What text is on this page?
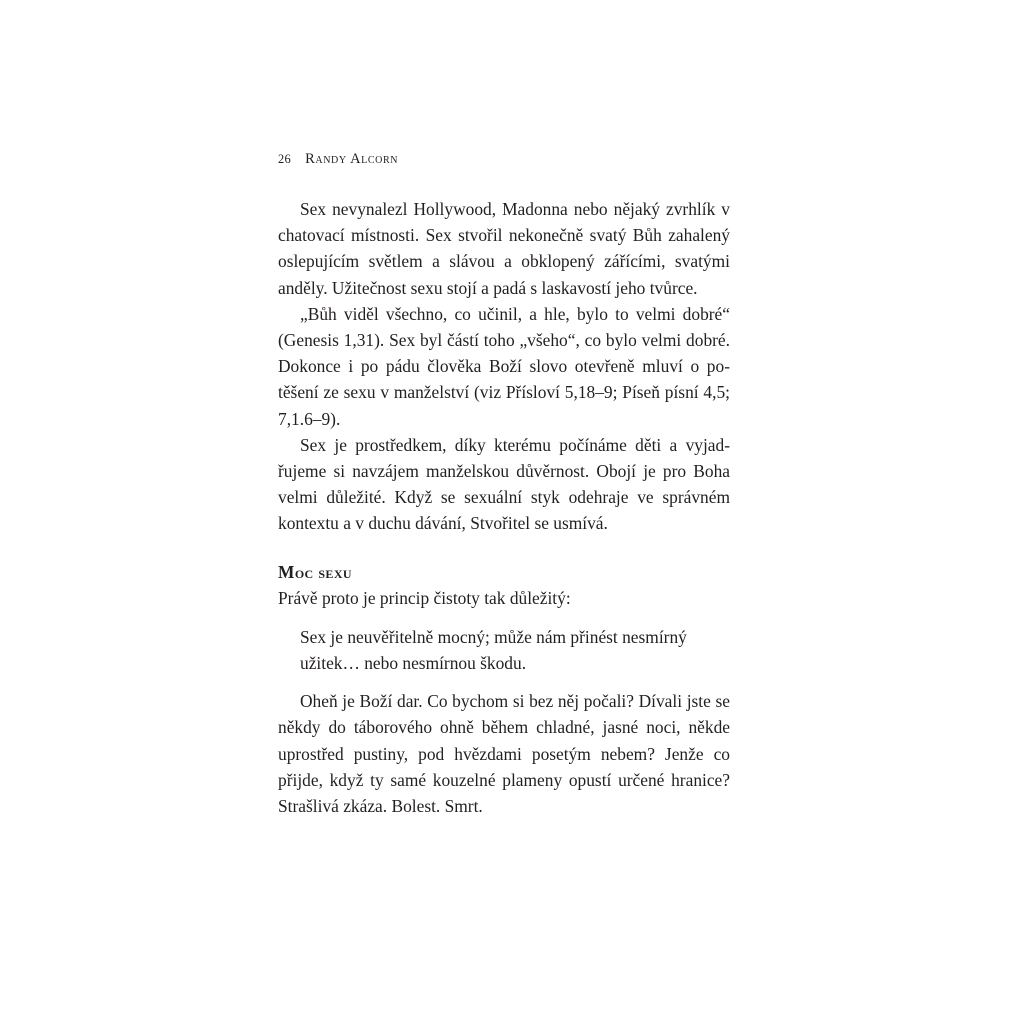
26 Randy Alcorn

Sex nevynalezl Hollywood, Madonna nebo nějaký zvrhlík v chatovací místnosti. Sex stvořil nekonečně svatý Bůh zahalený oslepujícím světlem a slávou a obklopený zářícími, svatými anděly. Užitečnost sexu stojí a padá s laskavostí jeho tvůrce.

„Bůh viděl všechno, co učinil, a hle, bylo to velmi dobré“ (Genesis 1,31). Sex byl částí toho „všeho“, co bylo velmi dobré. Dokonce i po pádu člověka Boží slovo otevřeně mluví o potěšení ze sexu v manželství (viz Přísloví 5,18–9; Píseň písní 4,5; 7,1.6–9).

Sex je prostředkem, díky kterému počínáme děti a vyjadřujeme si navzájem manželskou důvěrnost. Obojí je pro Boha velmi důležité. Když se sexuální styk odehraje ve správném kontextu a v duchu dávání, Stvořitel se usmívá.

Moc sexu

Právě proto je princip čistoty tak důležitý:

Sex je neuvěřitelně mocný; může nám přinést nesmírný užitek… nebo nesmírnou škodu.

Oheň je Boží dar. Co bychom si bez něj počali? Dívali jste se někdy do táborového ohně během chladné, jasné noci, někde uprostřed pustiny, pod hvězdami posetým nebem? Jenže co přijde, když ty samé kouzelné plameny opustí určené hranice? Strašlivá zkáza. Bolest. Smrt.
